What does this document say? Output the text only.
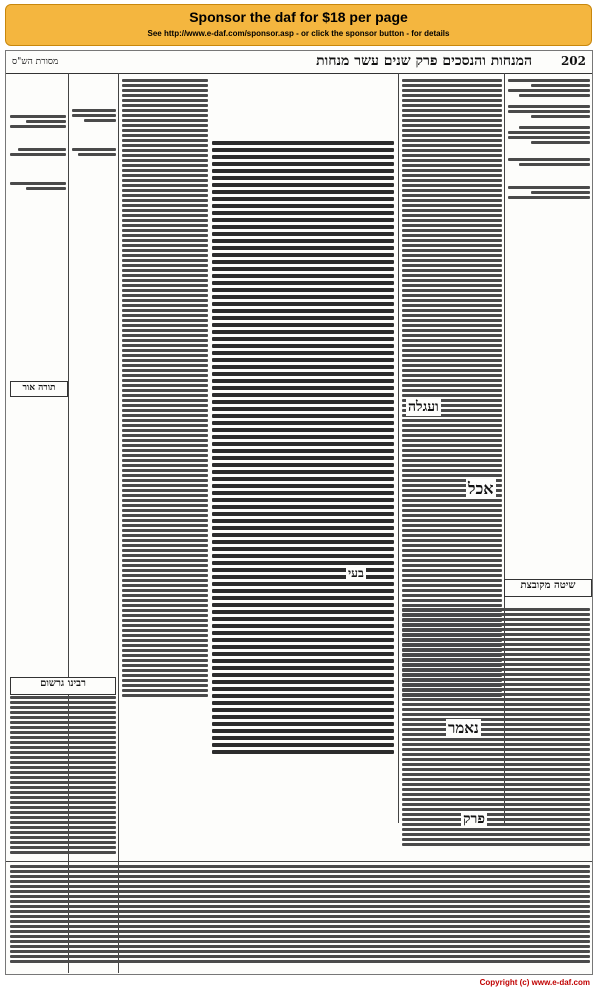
Sponsor the daf for $18 per page
See http://www.e-daf.com/sponsor.asp - or click the sponsor button - for details
202
המנחות והנסכים פרק שנים עשר מנחות
מסורת הש"ס
שיטה מקובצת
רבינו גרשום
תורה אור
ועגלה
אכל
נאמר
פרק
בעי
Copyright (c) www.e-daf.com
